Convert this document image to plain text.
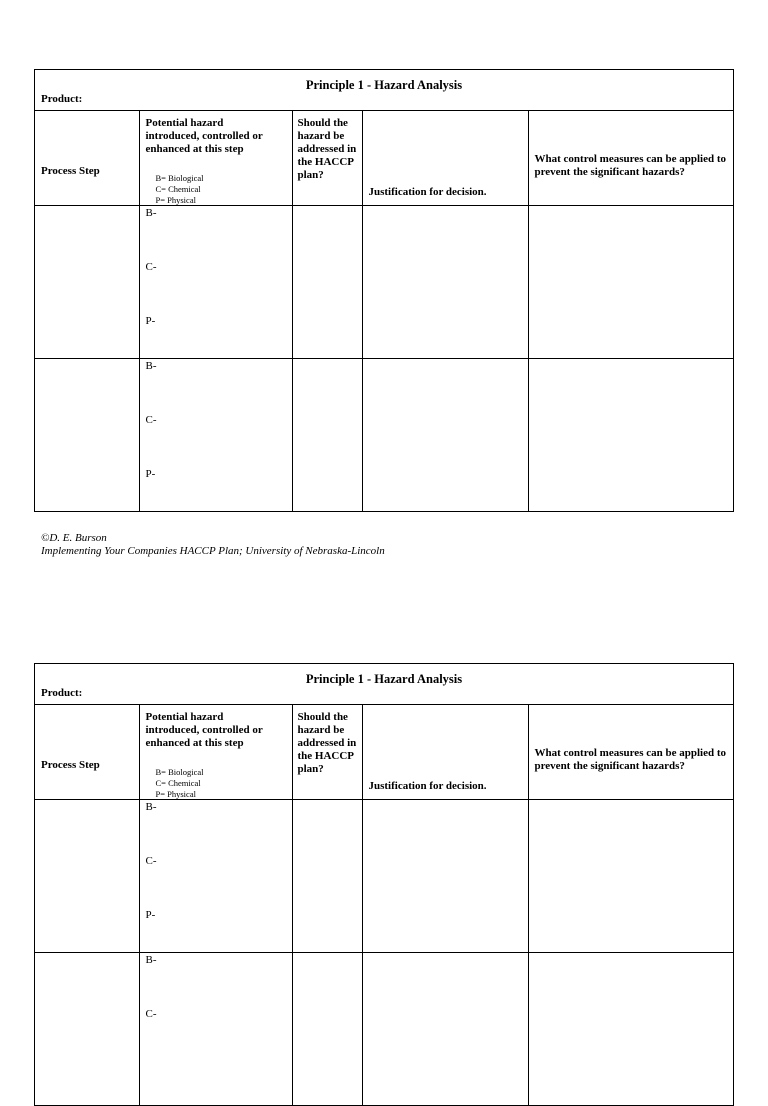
Principle 1 - Hazard Analysis
Product:
Process Step	Potential hazard introduced, controlled or enhanced at this step
B= Biological
C= Chemical
P= Physical	Should the hazard be addressed in the HACCP plan?	Justification for decision.	What control measures can be applied to prevent the significant hazards?

	B-
C-
P-			

	B-
C-
P-			

©D. E. Burson
Implementing Your Companies HACCP Plan; University of Nebraska-Lincoln
Principle 1 - Hazard Analysis
Product:
Process Step	Potential hazard introduced, controlled or enhanced at this step
B= Biological
C= Chemical
P= Physical	Should the hazard be addressed in the HACCP plan?	Justification for decision.	What control measures can be applied to prevent the significant hazards?

	B-
C-
P-			

	B-
C-			
